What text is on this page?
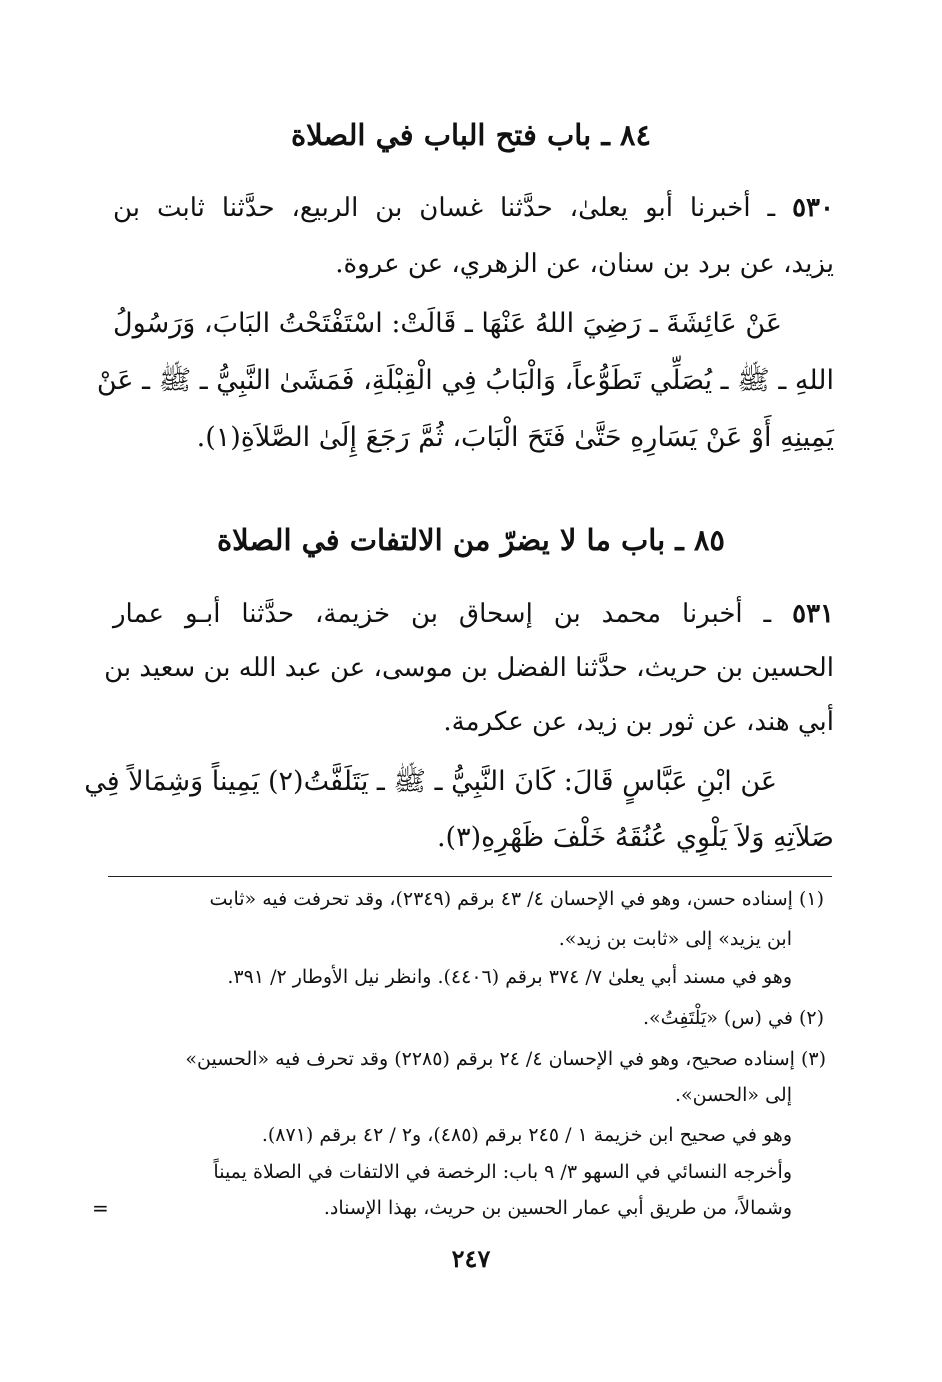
٨٤ ـ باب فتح الباب في الصلاة
٥٣٠ ـ أخبرنا أبو يعلىٰ، حدَّثنا غسان بن الربيع، حدَّثنا ثابت بن
يزيد، عن برد بن سنان، عن الزهري، عن عروة.
عَنْ عَائِشَةَ ـ رَضِيَ اللهُ عَنْهَا ـ قَالَتْ: اسْتَفْتَحْتُ البَابَ، وَرَسُولُ
اللهِ ـ ﷺ ـ يُصَلِّي تَطَوُّعاً، وَالْبَابُ فِي الْقِبْلَةِ، فَمَشَىٰ النَّبِيُّ ـ ﷺ ـ عَنْ
يَمِينِهِ أَوْ عَنْ يَسَارِهِ حَتَّىٰ فَتَحَ الْبَابَ، ثُمَّ رَجَعَ إِلَىٰ الصَّلاَةِ(١).
٨٥ ـ باب ما لا يضرّ من الالتفات في الصلاة
٥٣١ ـ أخبرنا محمد بن إسحاق بن خزيمة، حدَّثنا أبـو عمار
الحسين بن حريث، حدَّثنا الفضل بن موسى، عن عبد الله بن سعيد بن
أبي هند، عن ثور بن زيد، عن عكرمة.
عَن ابْنِ عَبَّاسٍ قَالَ: كَانَ النَّبِيُّ ـ ﷺ ـ يَتَلَفَّتُ(٢) يَمِيناً وَشِمَالاً فِي
صَلاَتِهِ وَلاَ يَلْوِي عُنُقَهُ خَلْفَ ظَهْرِهِ(٣).
(١) إسناده حسن، وهو في الإحسان ٤/ ٤٣ برقم (٢٣٤٩)، وقد تحرفت فيه «ثابت
ابن يزيد» إلى «ثابت بن زيد».
وهو في مسند أبي يعلىٰ ٧/ ٣٧٤ برقم (٤٤٠٦). وانظر نيل الأوطار ٢/ ٣٩١.
(٢) في (س) «يَلْتَفِتُ».
(٣) إسناده صحيح، وهو في الإحسان ٤/ ٢٤ برقم (٢٢٨٥) وقد تحرف فيه «الحسين»
إلى «الحسن».
وهو في صحيح ابن خزيمة ١ / ٢٤٥ برقم (٤٨٥)، و٢ / ٤٢ برقم (٨٧١).
وأخرجه النسائي في السهو ٣/ ٩ باب: الرخصة في الالتفات في الصلاة يميناً
وشمالاً، من طريق أبي عمار الحسين بن حريث، بهذا الإسناد.
=
٢٤٧
